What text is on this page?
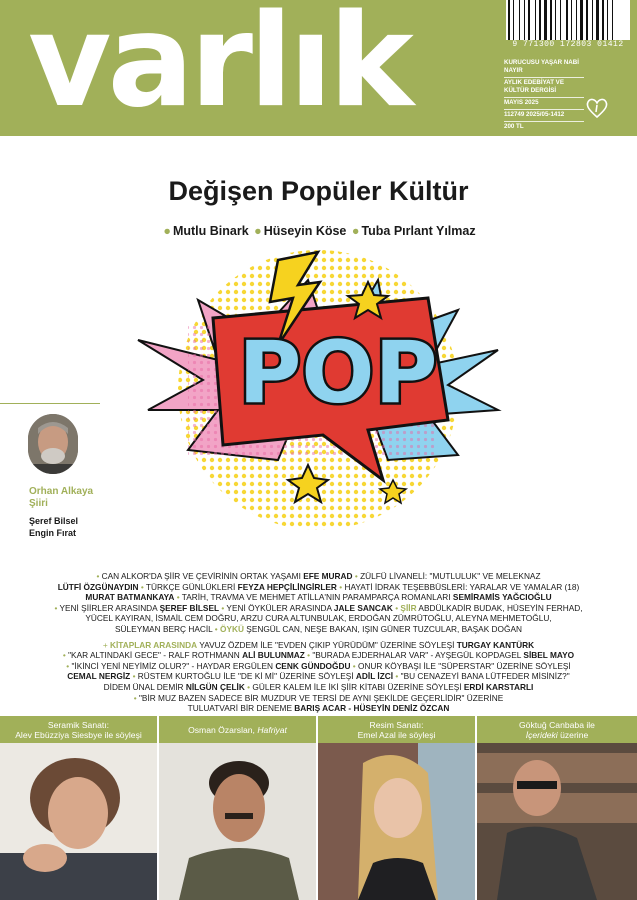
varlık	9 771300 172803 01412
KURUCUSU YAŞAR NABİ NAYIR
AYLIK EDEBİYAT VE KÜLTÜR DERGİSİ
MAYIS 2025
112749 2025/05-1412
200 TL
Değişen Popüler Kültür
● Mutlu Binark ● Hüseyin Köse ● Tuba Pırlant Yılmaz
POP
Orhan Alkaya
Şiiri
Şeref Bilsel
Engin Fırat
• CAN ALKOR'DA ŞİİR VE ÇEVİRİNİN ORTAK YAŞAMI EFE MURAD • ZÜLFÜ LİVANELİ: "MUTLULUK" VE MELEKNAZ
LÜTFİ ÖZGÜNAYDIN • TÜRKÇE GÜNLÜKLERİ FEYZA HEPÇİLİNGİRLER • HAYATİ İDRAK TEŞEBBÜSLERİ: YARALAR VE YAMALAR (18)
MURAT BATMANKAYA • TARİH, TRAVMA VE MEHMET ATİLLA'NIN PARAMPARÇA ROMANLARI SEMİRAMİS YAĞCIOĞLU
• YENİ ŞİİRLER ARASINDA ŞEREF BİLSEL • YENİ ÖYKÜLER ARASINDA JALE SANCAK • ŞİİR ABDÜLKADİR BUDAK, HÜSEYİN FERHAD,
YÜCEL KAYIRAN, İSMAİL CEM DOĞRU, ARZU CURA ALTUNBULAK, ERDOĞAN ZÜMRÜTOĞLU, ALEYNA MEHMETOĞLU,
SÜLEYMAN BERÇ HACİL • ÖYKÜ ŞENGÜL CAN, NEŞE BAKAN, IŞIN GÜNER TUZCULAR, BAŞAK DOĞAN
+ KİTAPLAR ARASINDA YAVUZ ÖZDEM İLE "EVDEN ÇIKIP YÜRÜDÜM" ÜZERİNE SÖYLEŞİ TURGAY KANTÜRK
• "KAR ALTINDAKİ GECE" - RALF ROTHMANN ALİ BULUNMAZ • "BURADA EJDERHALAR VAR" - AYŞEGÜL KOPDAGEL SİBEL MAYO
• "İKİNCİ YENİ NEYİMİZ OLUR?" - HAYDAR ERGÜLEN CENK GÜNDOĞDU • ONUR KÖYBAŞI İLE "SÜPERSTAR" ÜZERİNE SÖYLEŞİ
CEMAL NERGİZ • RÜSTEM KURTOĞLU İLE "DE Kİ Mİ" ÜZERİNE SÖYLEŞİ ADİL İZCİ • "BU CENAZEYİ BANA LÜTFEDER MİSİNİZ?"
DİDEM ÜNAL DEMİR NİLGÜN ÇELİK • GÜLER KALEM İLE İKİ ŞİİR KİTABI ÜZERİNE SÖYLEŞİ ERDİ KARSTARLI
• "BİR MUZ BAZEN SADECE BİR MUZDUR VE TERSİ DE AYNI ŞEKİLDE GEÇERLİDİR" ÜZERİNE
TULUATVARİ BİR DENEME BARIŞ ACAR - HÜSEYİN DENİZ ÖZCAN
Seramik Sanatı:
Alev Ebüzziya Siesbye ile söyleşi	Osman Özarslan, Hafriyat	Resim Sanatı:
Emel Azal ile söyleşi
Göktuğ Canbaba ile
İçerideki üzerine
